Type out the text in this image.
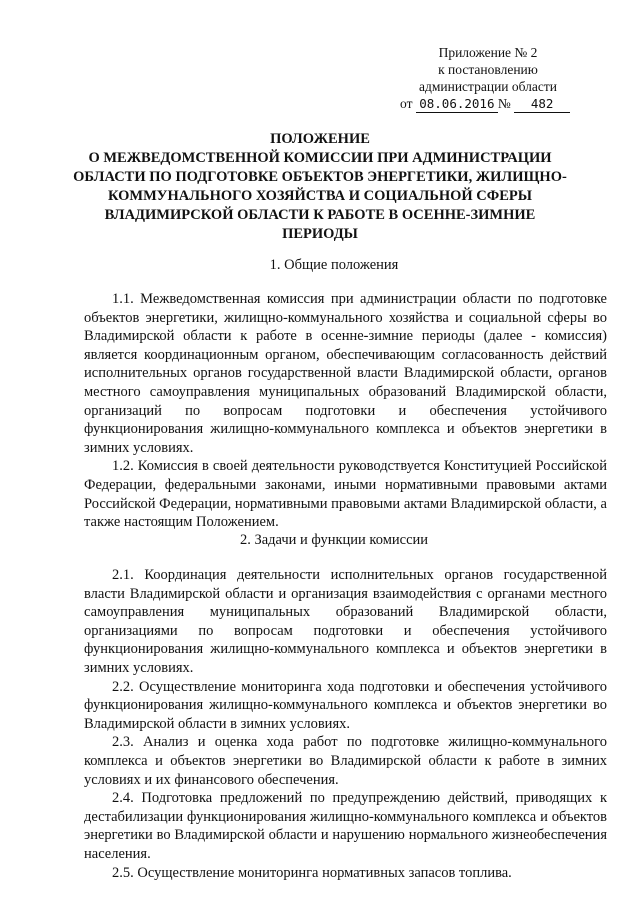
Приложение № 2
к постановлению
администрации области
от 08.06.2016 № 482
ПОЛОЖЕНИЕ
О МЕЖВЕДОМСТВЕННОЙ КОМИССИИ ПРИ АДМИНИСТРАЦИИ
ОБЛАСТИ ПО ПОДГОТОВКЕ ОБЪЕКТОВ ЭНЕРГЕТИКИ, ЖИЛИЩНО-
КОММУНАЛЬНОГО ХОЗЯЙСТВА И СОЦИАЛЬНОЙ СФЕРЫ
ВЛАДИМИРСКОЙ ОБЛАСТИ К РАБОТЕ В ОСЕННЕ-ЗИМНИЕ
ПЕРИОДЫ
1. Общие положения

1.1. Межведомственная комиссия при администрации области по подготовке объектов энергетики, жилищно-коммунального хозяйства и социальной сферы во Владимирской области к работе в осенне-зимние периоды (далее - комиссия) является координационным органом, обеспечивающим согласованность действий исполнительных органов государственной власти Владимирской области, органов местного самоуправления муниципальных образований Владимирской области, организаций по вопросам подготовки и обеспечения устойчивого функционирования жилищно-коммунального комплекса и объектов энергетики в зимних условиях.

1.2. Комиссия в своей деятельности руководствуется Конституцией Российской Федерации, федеральными законами, иными нормативными правовыми актами Российской Федерации, нормативными правовыми актами Владимирской области, а также настоящим Положением.

2. Задачи и функции комиссии

2.1. Координация деятельности исполнительных органов государственной власти Владимирской области и организация взаимодействия с органами местного самоуправления муниципальных образований Владимирской области, организациями по вопросам подготовки и обеспечения устойчивого функционирования жилищно-коммунального комплекса и объектов энергетики в зимних условиях.

2.2. Осуществление мониторинга хода подготовки и обеспечения устойчивого функционирования жилищно-коммунального комплекса и объектов энергетики во Владимирской области в зимних условиях.

2.3. Анализ и оценка хода работ по подготовке жилищно-коммунального комплекса и объектов энергетики во Владимирской области к работе в зимних условиях и их финансового обеспечения.

2.4. Подготовка предложений по предупреждению действий, приводящих к дестабилизации функционирования жилищно-коммунального комплекса и объектов энергетики во Владимирской области и нарушению нормального жизнеобеспечения населения.

2.5. Осуществление мониторинга нормативных запасов топлива.
